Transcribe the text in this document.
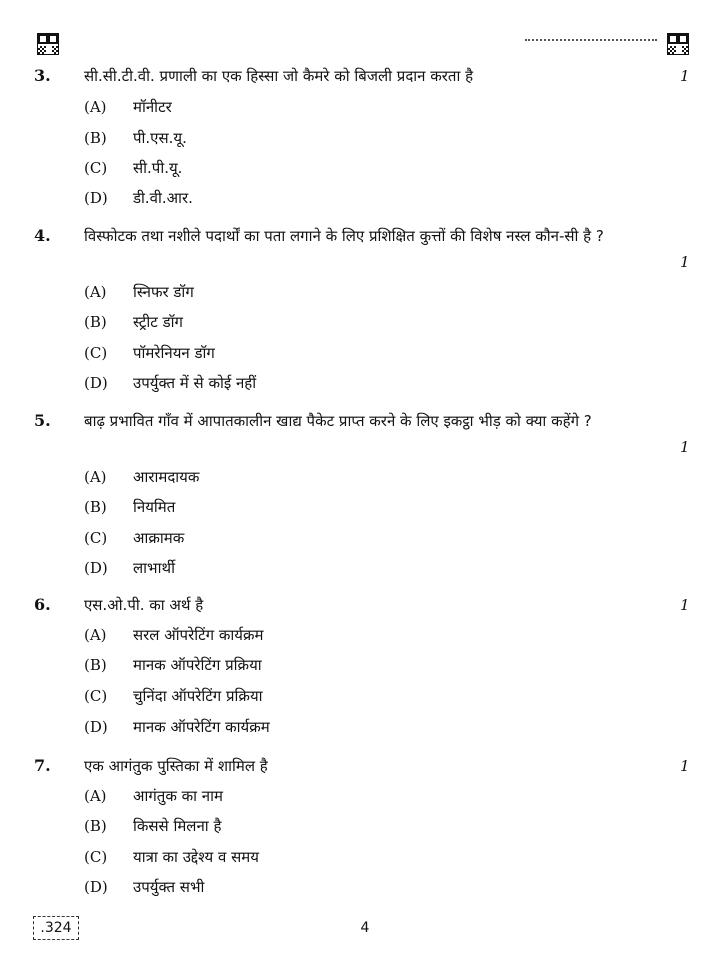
3. सी.सी.टी.वी. प्रणाली का एक हिस्सा जो कैमरे को बिजली प्रदान करता है	1
(A) मॉनीटर
(B) पी.एस.यू.
(C) सी.पी.यू.
(D) डी.वी.आर.
4. विस्फोटक तथा नशीले पदार्थों का पता लगाने के लिए प्रशिक्षित कुत्तों की विशेष नस्ल कौन-सी है ?
1
(A) स्निफर डॉग
(B) स्ट्रीट डॉग
(C) पॉमरेनियन डॉग
(D) उपर्युक्त में से कोई नहीं
5. बाढ़ प्रभावित गाँव में आपातकालीन खाद्य पैकेट प्राप्त करने के लिए इकट्ठा भीड़ को क्या कहेंगे ?
1
(A) आरामदायक
(B) नियमित
(C) आक्रामक
(D) लाभार्थी
6. एस.ओ.पी. का अर्थ है	1
(A) सरल ऑपरेटिंग कार्यक्रम
(B) मानक ऑपरेटिंग प्रक्रिया
(C) चुनिंदा ऑपरेटिंग प्रक्रिया
(D) मानक ऑपरेटिंग कार्यक्रम
7. एक आगंतुक पुस्तिका में शामिल है	1
(A) आगंतुक का नाम
(B) किससे मिलना है
(C) यात्रा का उद्देश्य व समय
(D) उपर्युक्त सभी
.324	4
